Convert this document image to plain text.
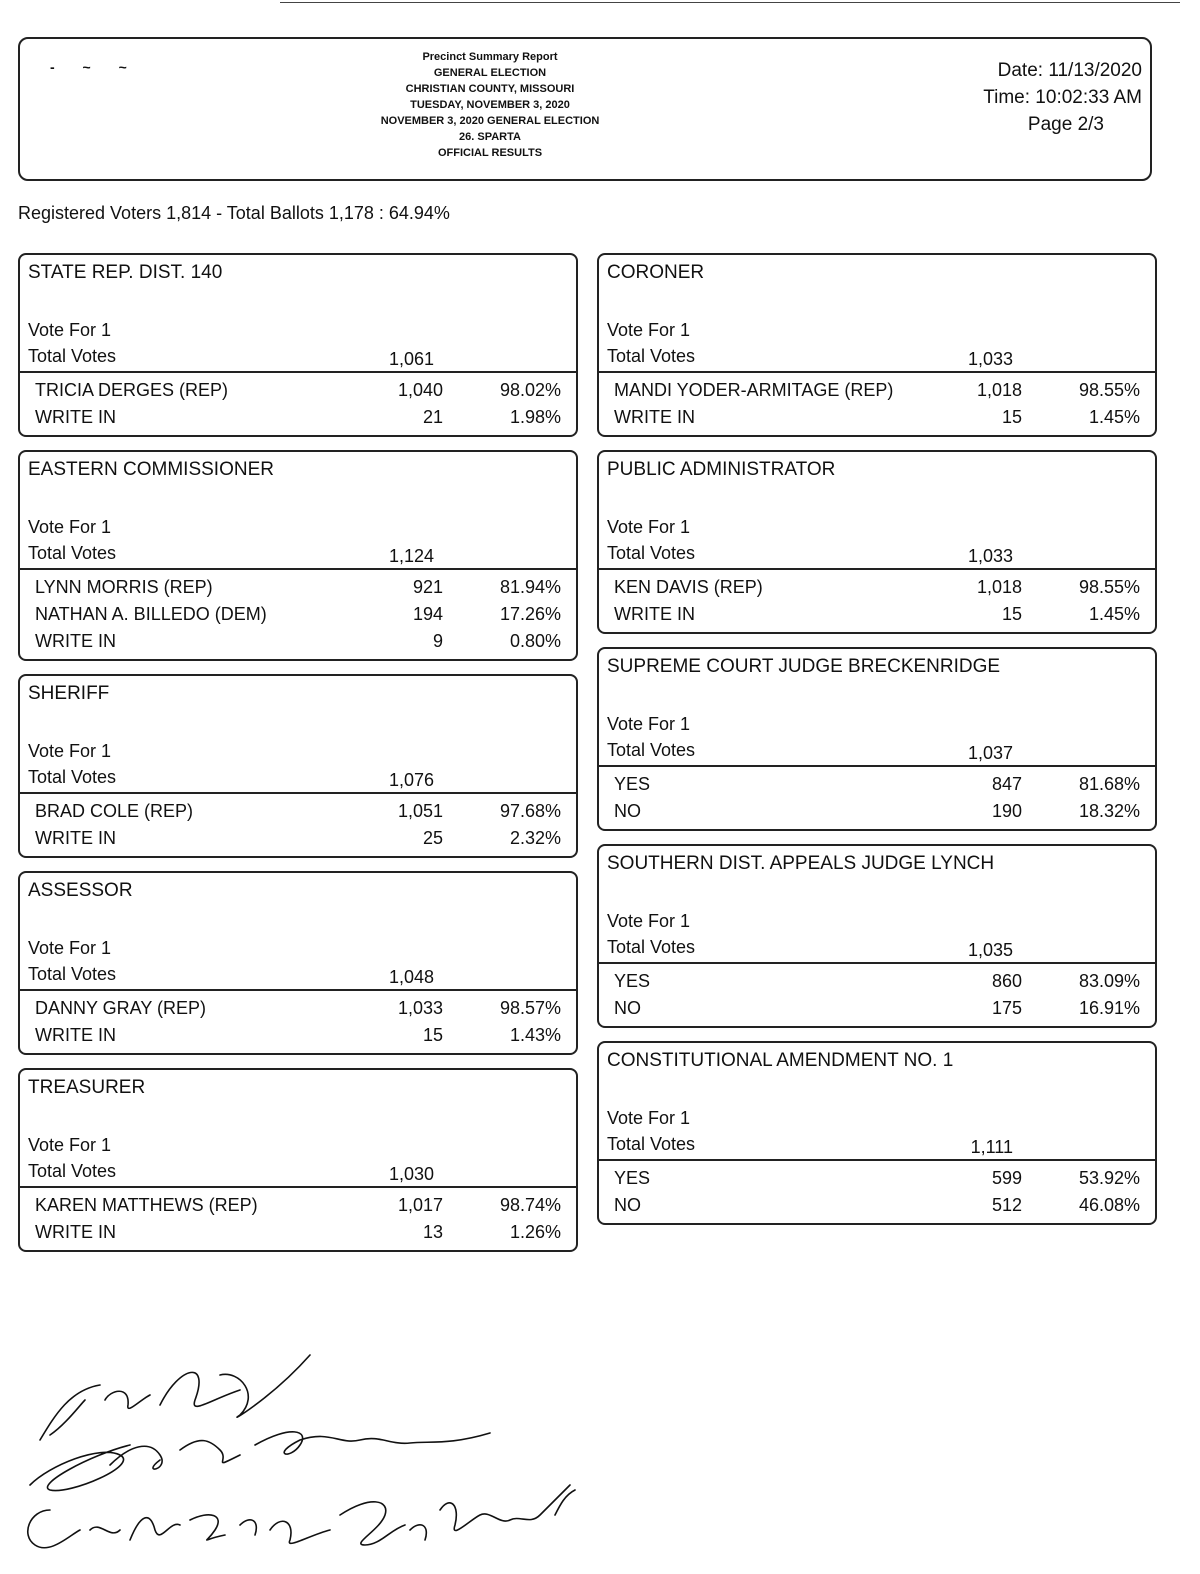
- ~ ~
Precinct Summary Report
GENERAL ELECTION
CHRISTIAN COUNTY, MISSOURI
TUESDAY, NOVEMBER 3, 2020
NOVEMBER 3, 2020 GENERAL ELECTION
26. SPARTA
OFFICIAL RESULTS
Date: 11/13/2020
Time: 10:02:33 AM
Page 2/3
Registered Voters 1,814 - Total Ballots 1,178 : 64.94%
STATE REP. DIST. 140
Vote For 1
Total Votes	1,061
TRICIA DERGES (REP)	1,040	98.02%
WRITE IN	21	1.98%
EASTERN COMMISSIONER
Vote For 1
Total Votes	1,124
LYNN MORRIS (REP)	921	81.94%
NATHAN A. BILLEDO (DEM)	194	17.26%
WRITE IN	9	0.80%
SHERIFF
Vote For 1
Total Votes	1,076
BRAD COLE (REP)	1,051	97.68%
WRITE IN	25	2.32%
ASSESSOR
Vote For 1
Total Votes	1,048
DANNY GRAY (REP)	1,033	98.57%
WRITE IN	15	1.43%
TREASURER
Vote For 1
Total Votes	1,030
KAREN MATTHEWS (REP)	1,017	98.74%
WRITE IN	13	1.26%
CORONER
Vote For 1
Total Votes	1,033
MANDI YODER-ARMITAGE (REP)	1,018	98.55%
WRITE IN	15	1.45%
PUBLIC ADMINISTRATOR
Vote For 1
Total Votes	1,033
KEN DAVIS (REP)	1,018	98.55%
WRITE IN	15	1.45%
SUPREME COURT JUDGE BRECKENRIDGE
Vote For 1
Total Votes	1,037
YES	847	81.68%
NO	190	18.32%
SOUTHERN DIST. APPEALS JUDGE LYNCH
Vote For 1
Total Votes	1,035
YES	860	83.09%
NO	175	16.91%
CONSTITUTIONAL AMENDMENT NO. 1
Vote For 1
Total Votes	1,111
YES	599	53.92%
NO	512	46.08%
